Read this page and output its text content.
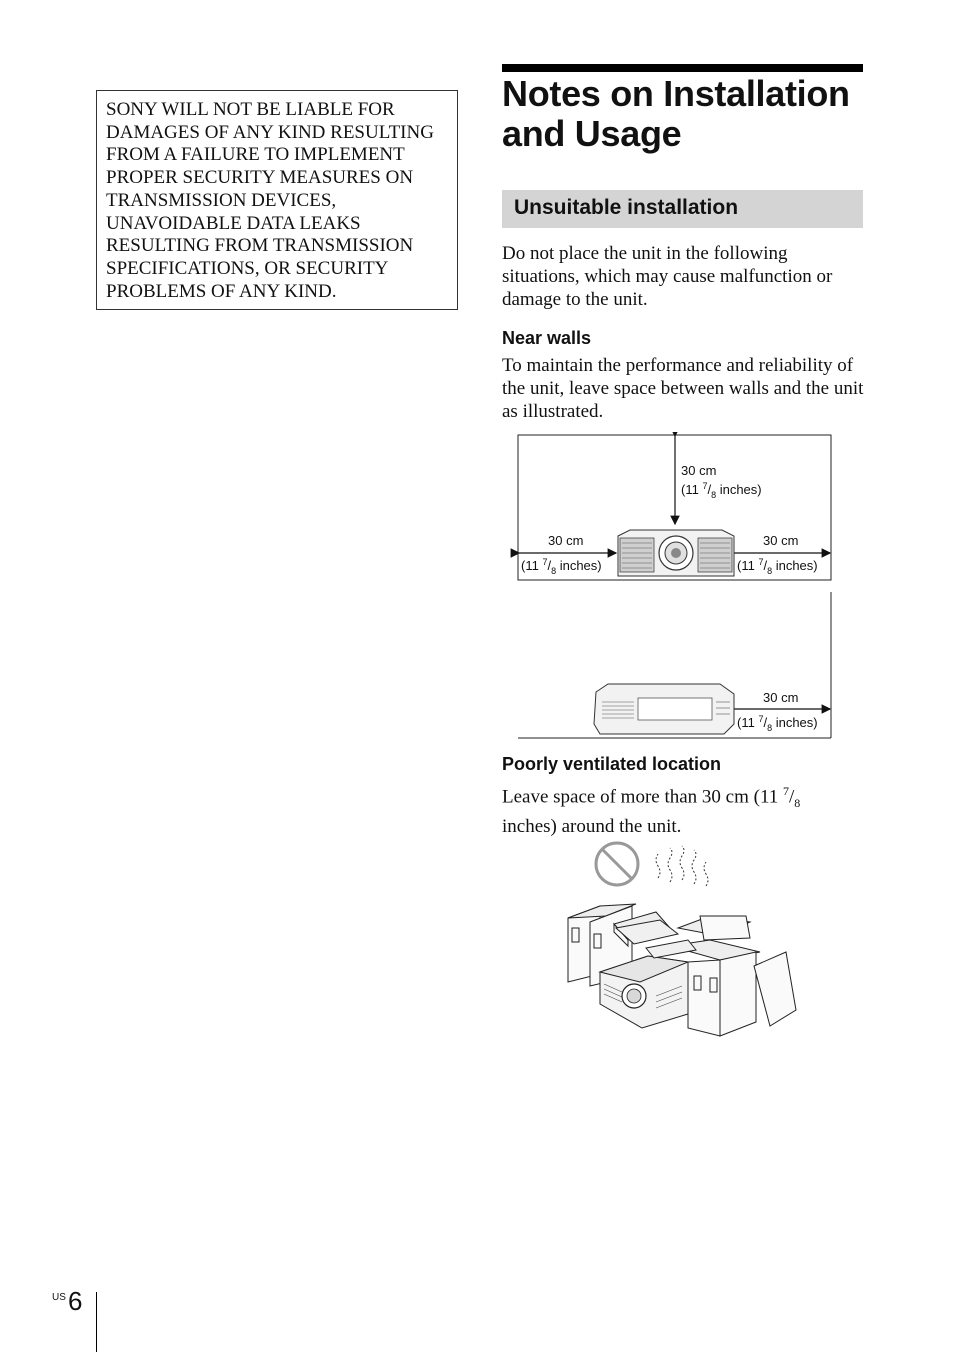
SONY WILL NOT BE LIABLE FOR DAMAGES OF ANY KIND RESULTING FROM A FAILURE TO IMPLEMENT PROPER SECURITY MEASURES ON TRANSMISSION DEVICES, UNAVOIDABLE DATA LEAKS RESULTING FROM TRANSMISSION SPECIFICATIONS, OR SECURITY PROBLEMS OF ANY KIND.
Notes on Installation and Usage
Unsuitable installation

Do not place the unit in the following situations, which may cause malfunction or damage to the unit.

Near walls

To maintain the performance and reliability of the unit, leave space between walls and the unit as illustrated.

30 cm
(11 $^7/_8$ inches)
30 cm
(11 $^7/_8$ inches)
30 cm
(11 $^7/_8$ inches)
30 cm
(11 $^7/_8$ inches)
Poorly ventilated location

Leave space of more than 30 cm (11 $^7/_8$
inches) around the unit.

US 6
